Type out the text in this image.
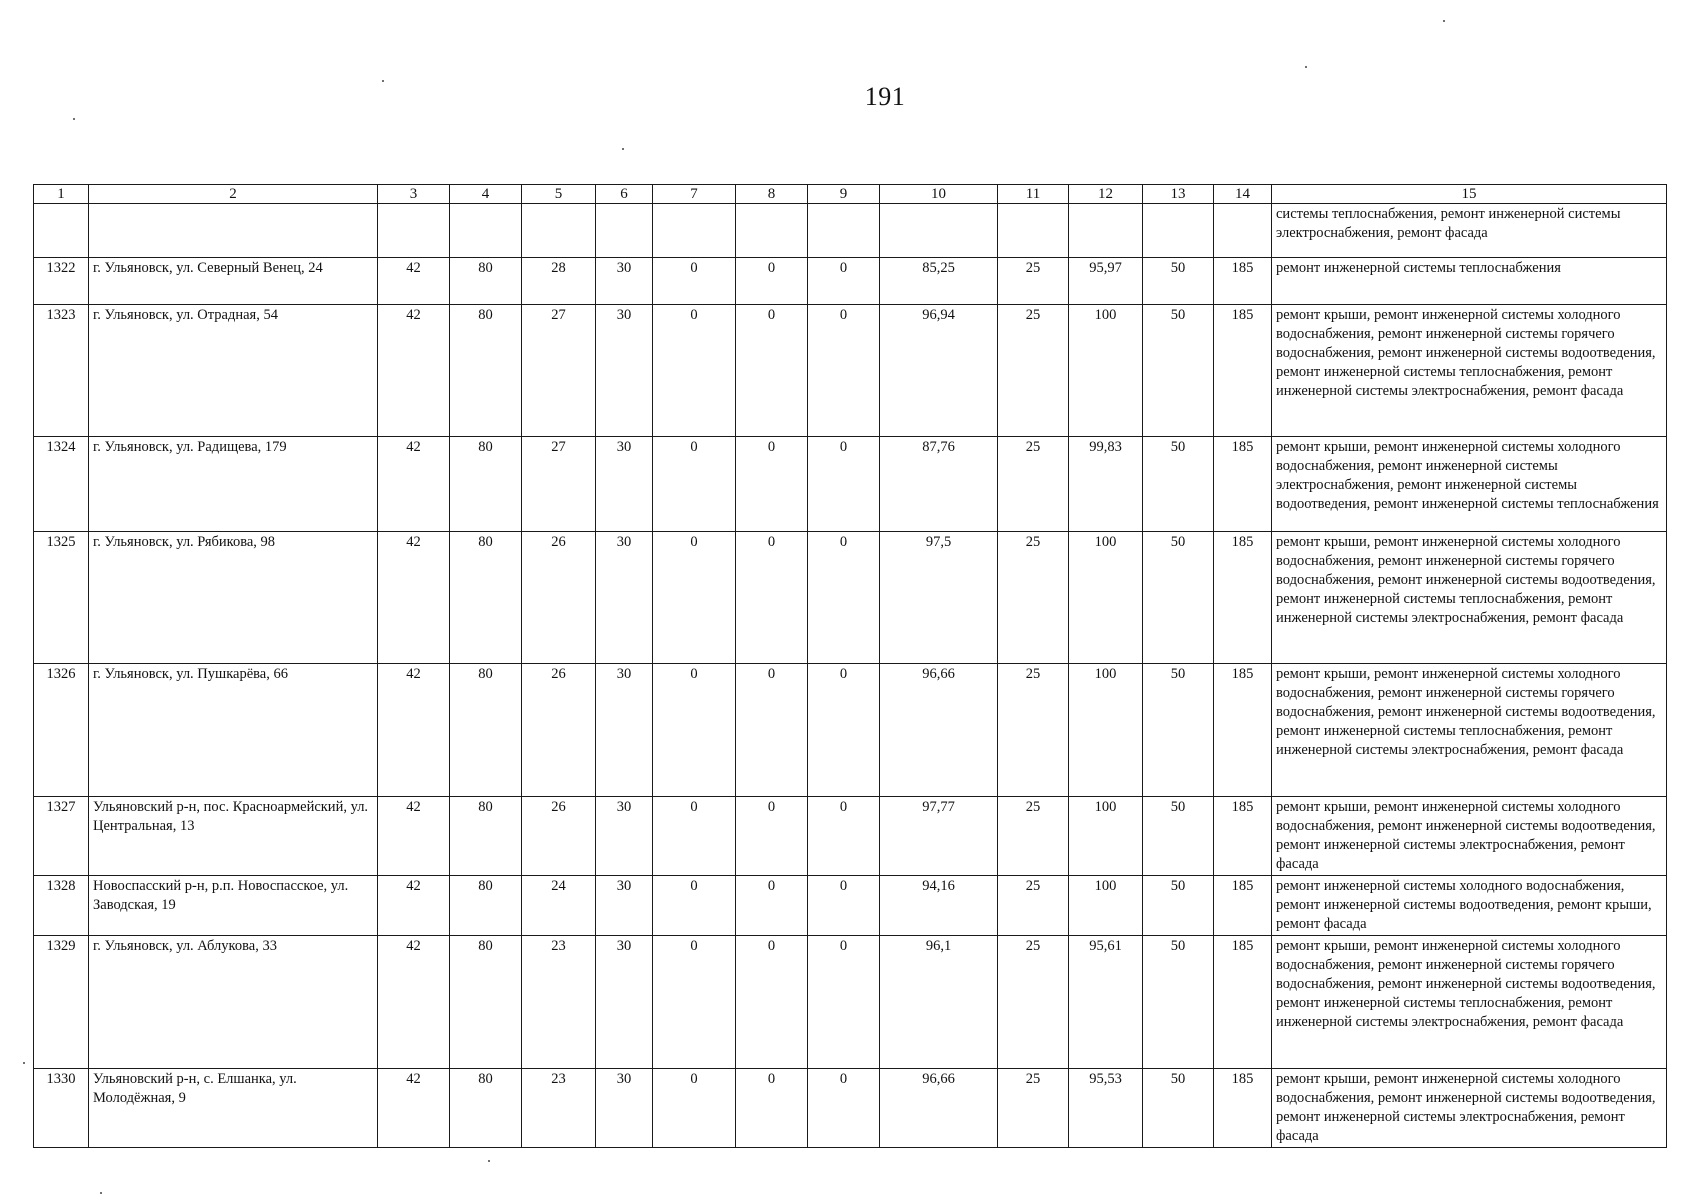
191
1	2	3	4	5	6	7	8	9	10	11	12	13	14	15
														системы теплоснабжения, ремонт инженерной системы электроснабжения, ремонт фасада
1322	г. Ульяновск, ул. Северный Венец, 24	42	80	28	30	0	0	0	85,25	25	95,97	50	185	ремонт инженерной системы теплоснабжения
1323	г. Ульяновск, ул. Отрадная, 54	42	80	27	30	0	0	0	96,94	25	100	50	185	ремонт крыши, ремонт инженерной системы холодного водоснабжения, ремонт инженерной системы горячего водоснабжения, ремонт инженерной системы водоотведения, ремонт инженерной системы теплоснабжения, ремонт инженерной системы электроснабжения, ремонт фасада
1324	г. Ульяновск, ул. Радищева, 179	42	80	27	30	0	0	0	87,76	25	99,83	50	185	ремонт крыши, ремонт инженерной системы холодного водоснабжения, ремонт инженерной системы электроснабжения, ремонт инженерной системы водоотведения, ремонт инженерной системы теплоснабжения
1325	г. Ульяновск, ул. Рябикова, 98	42	80	26	30	0	0	0	97,5	25	100	50	185	ремонт крыши, ремонт инженерной системы холодного водоснабжения, ремонт инженерной системы горячего водоснабжения, ремонт инженерной системы водоотведения, ремонт инженерной системы теплоснабжения, ремонт инженерной системы электроснабжения, ремонт фасада
1326	г. Ульяновск, ул. Пушкарёва, 66	42	80	26	30	0	0	0	96,66	25	100	50	185	ремонт крыши, ремонт инженерной системы холодного водоснабжения, ремонт инженерной системы горячего водоснабжения, ремонт инженерной системы водоотведения, ремонт инженерной системы теплоснабжения, ремонт инженерной системы электроснабжения, ремонт фасада
1327	Ульяновский р-н, пос. Красноармейский, ул. Центральная, 13	42	80	26	30	0	0	0	97,77	25	100	50	185	ремонт крыши, ремонт инженерной системы холодного водоснабжения, ремонт инженерной системы водоотведения, ремонт инженерной системы электроснабжения, ремонт фасада
1328	Новоспасский р-н, р.п. Новоспасское, ул. Заводская, 19	42	80	24	30	0	0	0	94,16	25	100	50	185	ремонт инженерной системы холодного водоснабжения, ремонт инженерной системы водоотведения, ремонт крыши, ремонт фасада
1329	г. Ульяновск, ул. Аблукова, 33	42	80	23	30	0	0	0	96,1	25	95,61	50	185	ремонт крыши, ремонт инженерной системы холодного водоснабжения, ремонт инженерной системы горячего водоснабжения, ремонт инженерной системы водоотведения, ремонт инженерной системы теплоснабжения, ремонт инженерной системы электроснабжения, ремонт фасада
1330	Ульяновский р-н, с. Елшанка, ул. Молодёжная, 9	42	80	23	30	0	0	0	96,66	25	95,53	50	185	ремонт крыши, ремонт инженерной системы холодного водоснабжения, ремонт инженерной системы водоотведения, ремонт инженерной системы электроснабжения, ремонт фасада
